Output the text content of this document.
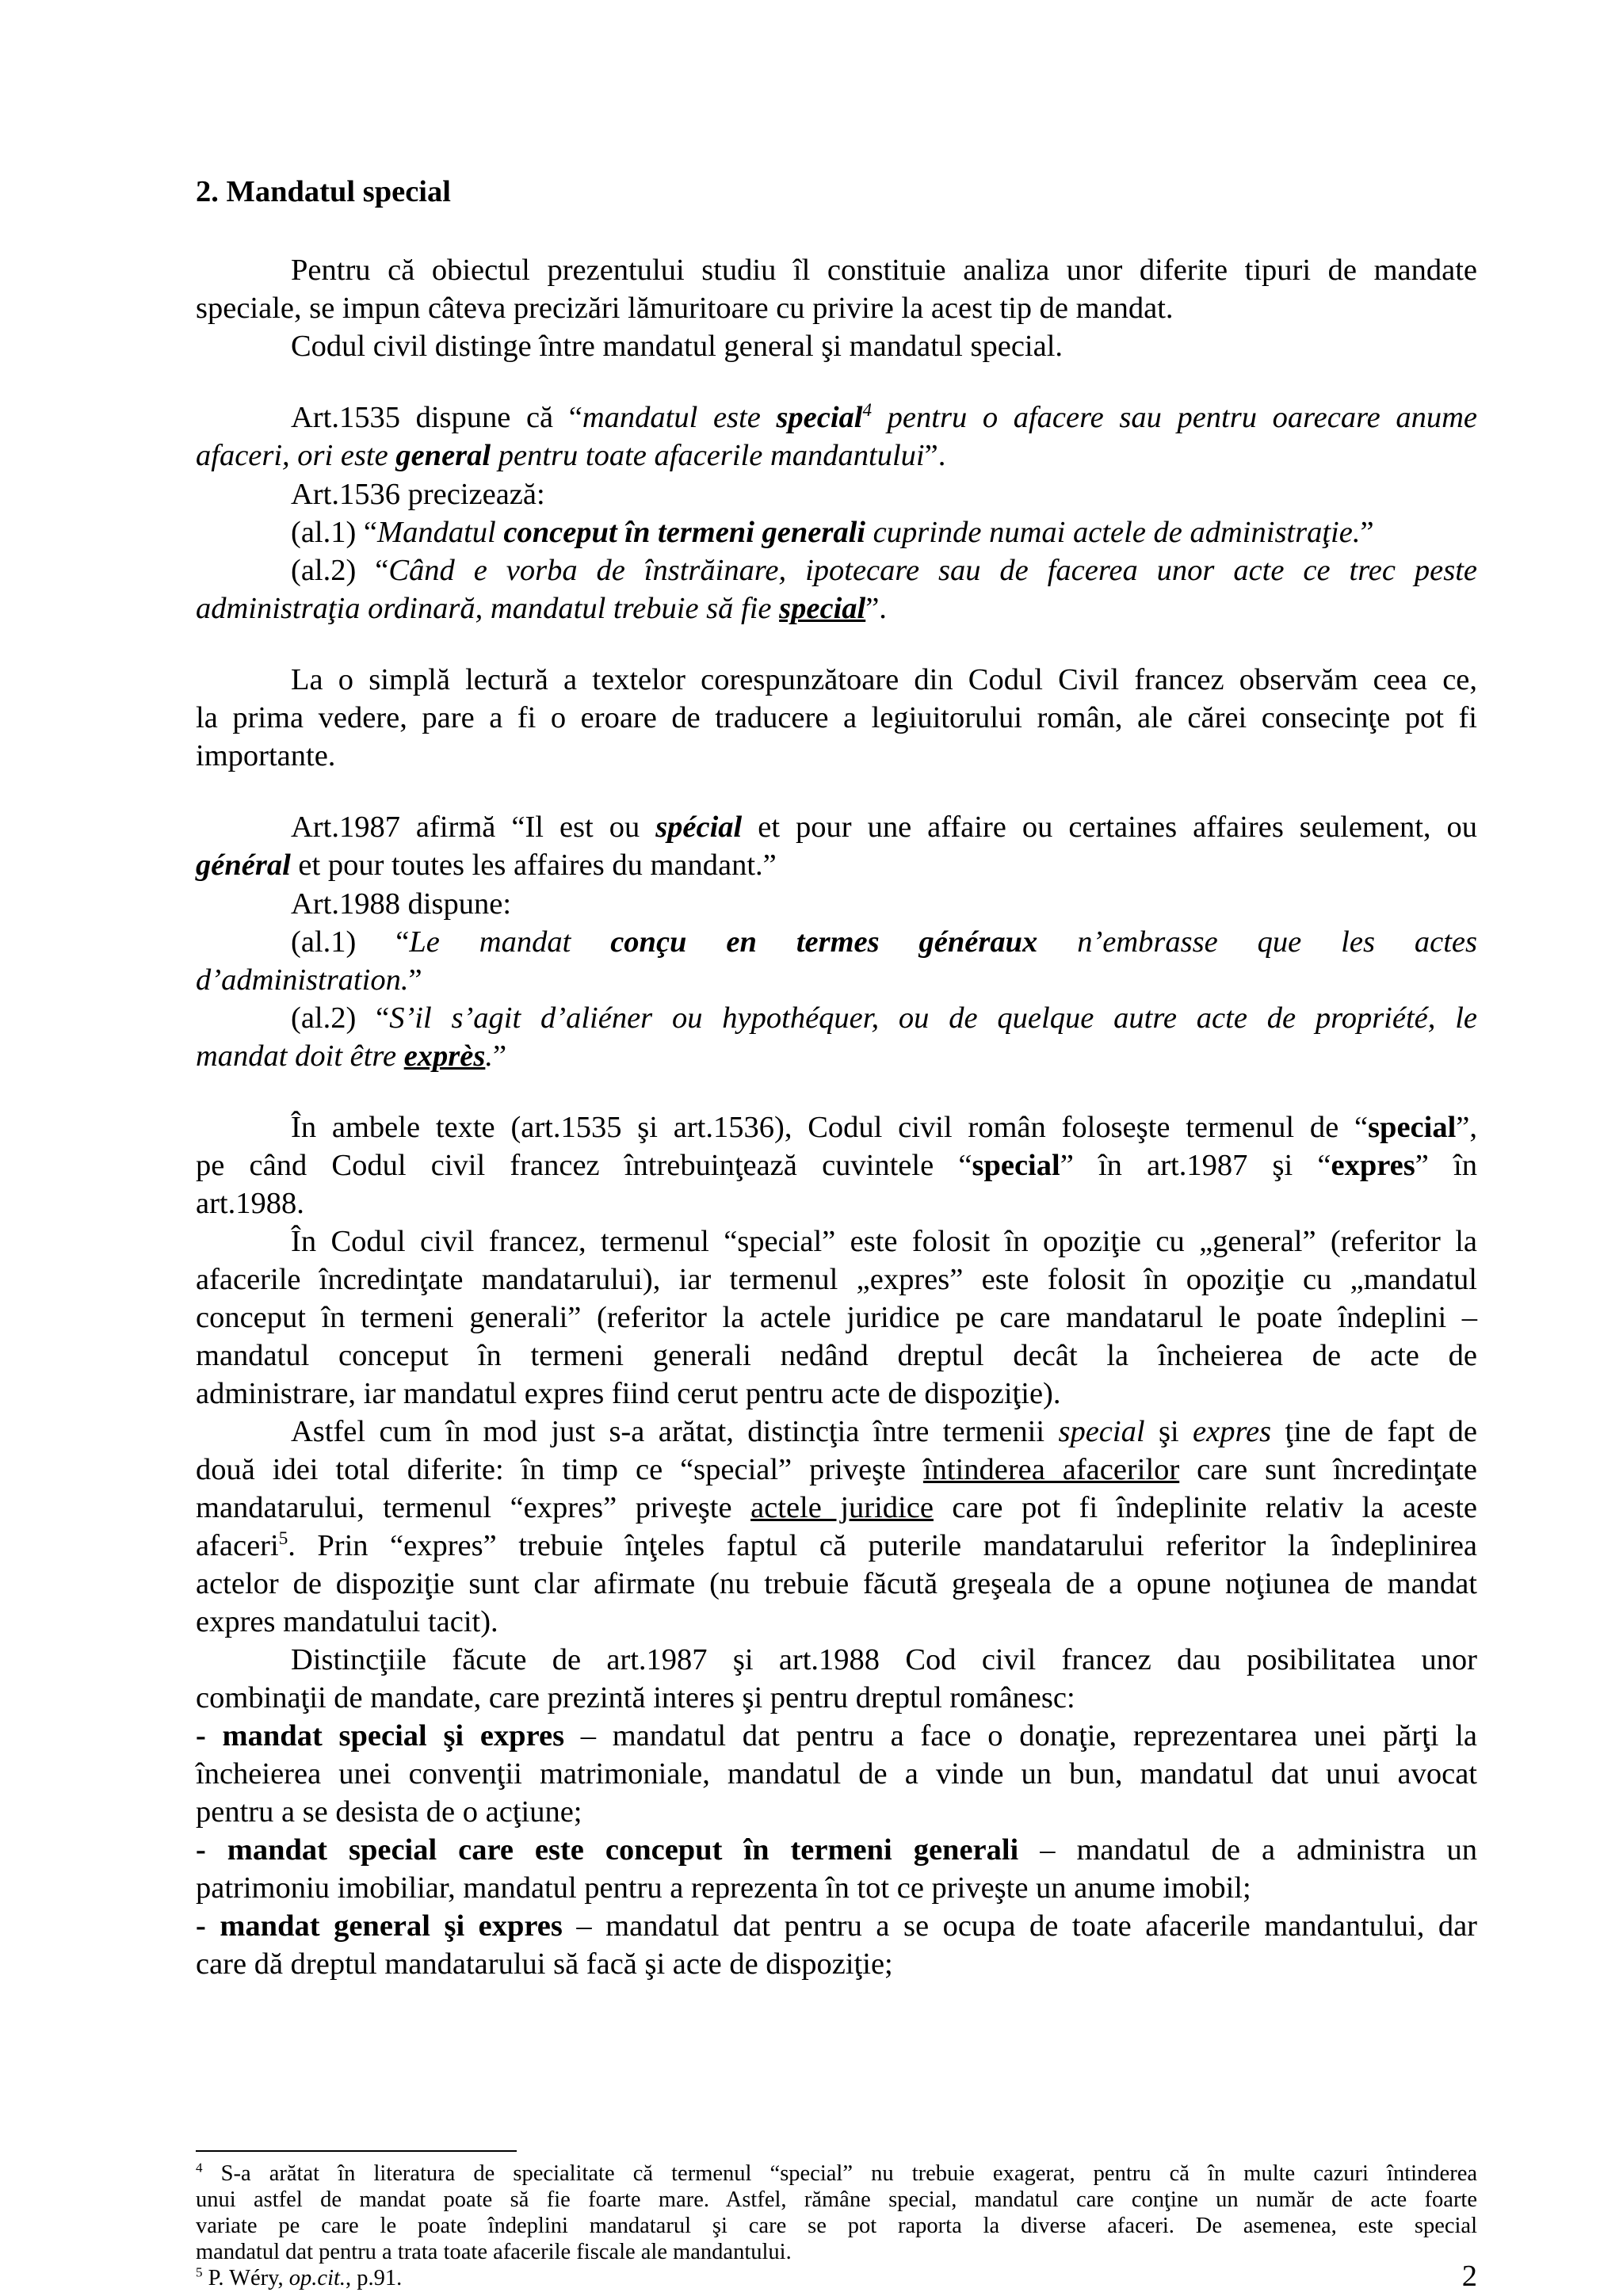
2. Mandatul special
Pentru că obiectul prezentului studiu îl constituie analiza unor diferite tipuri de mandate
speciale, se impun câteva precizări lămuritoare cu privire la acest tip de mandat.
Codul civil distinge între mandatul general şi mandatul special.
Art.1535 dispune că “mandatul este special$^4$ pentru o afacere sau pentru oarecare anume
afaceri, ori este general pentru toate afacerile mandantului”.
Art.1536 precizează:
(al.1) “Mandatul conceput în termeni generali cuprinde numai actele de administraţie.”
(al.2) “Când e vorba de înstrăinare, ipotecare sau de facerea unor acte ce trec peste
administraţia ordinară, mandatul trebuie să fie special”.
La o simplă lectură a textelor corespunzătoare din Codul Civil francez observăm ceea ce,
la prima vedere, pare a fi o eroare de traducere a legiuitorului român, ale cărei consecinţe pot fi
importante.
Art.1987 afirmă “Il est ou spécial et pour une affaire ou certaines affaires seulement, ou
général et pour toutes les affaires du mandant.”
Art.1988 dispune:
(al.1) “Le mandat conçu en termes généraux n’embrasse que les actes
d’administration.”
(al.2) “S’il s’agit d’aliéner ou hypothéquer, ou de quelque autre acte de propriété, le
mandat doit être exprès.”
În ambele texte (art.1535 şi art.1536), Codul civil român foloseşte termenul de “special”,
pe când Codul civil francez întrebuinţează cuvintele “special” în art.1987 şi “expres” în
art.1988.
În Codul civil francez, termenul “special” este folosit în opoziţie cu „general” (referitor la
afacerile încredinţate mandatarului), iar termenul „expres” este folosit în opoziţie cu „mandatul
conceput în termeni generali” (referitor la actele juridice pe care mandatarul le poate îndeplini –
mandatul conceput în termeni generali nedând dreptul decât la încheierea de acte de
administrare, iar mandatul expres fiind cerut pentru acte de dispoziţie).
Astfel cum în mod just s-a arătat, distincţia între termenii special şi expres ţine de fapt de
două idei total diferite: în timp ce “special” priveşte întinderea afacerilor care sunt încredinţate
mandatarului, termenul “expres” priveşte actele juridice care pot fi îndeplinite relativ la aceste
afaceri$^5$. Prin “expres” trebuie înţeles faptul că puterile mandatarului referitor la îndeplinirea
actelor de dispoziţie sunt clar afirmate (nu trebuie făcută greşeala de a opune noţiunea de mandat
expres mandatului tacit).
Distincţiile făcute de art.1987 şi art.1988 Cod civil francez dau posibilitatea unor
combinaţii de mandate, care prezintă interes şi pentru dreptul românesc:
- mandat special şi expres – mandatul dat pentru a face o donaţie, reprezentarea unei părţi la
încheierea unei convenţii matrimoniale, mandatul de a vinde un bun, mandatul dat unui avocat
pentru a se desista de o acţiune;
- mandat special care este conceput în termeni generali – mandatul de a administra un
patrimoniu imobiliar, mandatul pentru a reprezenta în tot ce priveşte un anume imobil;
- mandat general şi expres – mandatul dat pentru a se ocupa de toate afacerile mandantului, dar
care dă dreptul mandatarului să facă şi acte de dispoziţie;
$^4$ S-a arătat în literatura de specialitate că termenul “special” nu trebuie exagerat, pentru că în multe cazuri întinderea
unui astfel de mandat poate să fie foarte mare. Astfel, rămâne special, mandatul care conţine un număr de acte foarte
variate pe care le poate îndeplini mandatarul şi care se pot raporta la diverse afaceri. De asemenea, este special
mandatul dat pentru a trata toate afacerile fiscale ale mandantului.
$^5$ P. Wéry, op.cit., p.91.	2
